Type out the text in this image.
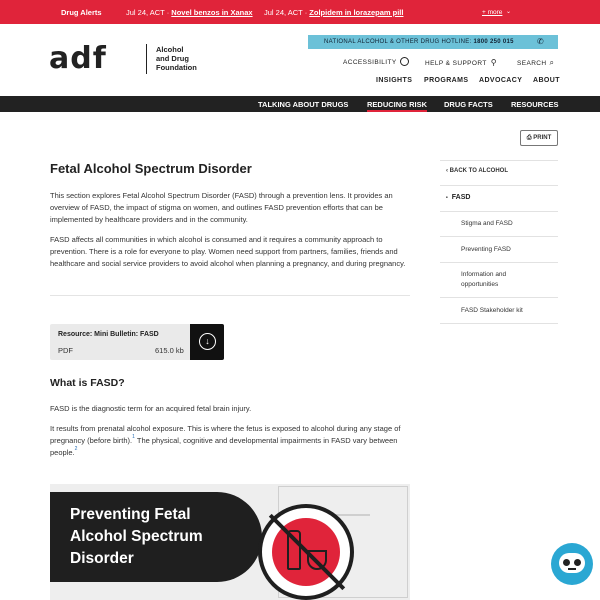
Drug Alerts	Jul 24, ACT · Novel benzos in Xanax Jul 24, ACT · Zolpidem in lorazepam pill	+ more ⌄
adf	Alcohol
and Drug
Foundation
NATIONAL ALCOHOL & OTHER DRUG HOTLINE: 1800 250 015	✆
ACCESSIBILITY	HELP & SUPPORT ⚲	SEARCH ⌕
INSIGHTS PROGRAMS ADVOCACY ABOUT
TALKING ABOUT DRUGS REDUCING RISK DRUG FACTS RESOURCES
⎙ PRINT
Fetal Alcohol Spectrum Disorder

This section explores Fetal Alcohol Spectrum Disorder (FASD) through a prevention lens. It provides an overview of FASD, the impact of stigma on women, and outlines FASD prevention efforts that can be implemented by healthcare providers and in the community.

FASD affects all communities in which alcohol is consumed and it requires a community approach to prevention. There is a role for everyone to play. Women need support from partners, families, friends and healthcare and social service providers to avoid alcohol when planning a pregnancy, and during pregnancy.

Resource: Mini Bulletin: FASD
PDF	615.0 kb
↓
What is FASD?

FASD is the diagnostic term for an acquired fetal brain injury.

It results from prenatal alcohol exposure. This is where the fetus is exposed to alcohol during any stage of pregnancy (before birth).$^1$ The physical, cognitive and developmental impairments in FASD vary between people.$^2$

Preventing Fetal
Alcohol Spectrum
Disorder
‹ BACK TO ALCOHOL
• FASD
Stigma and FASD
Preventing FASD
Information and opportunities
FASD Stakeholder kit
